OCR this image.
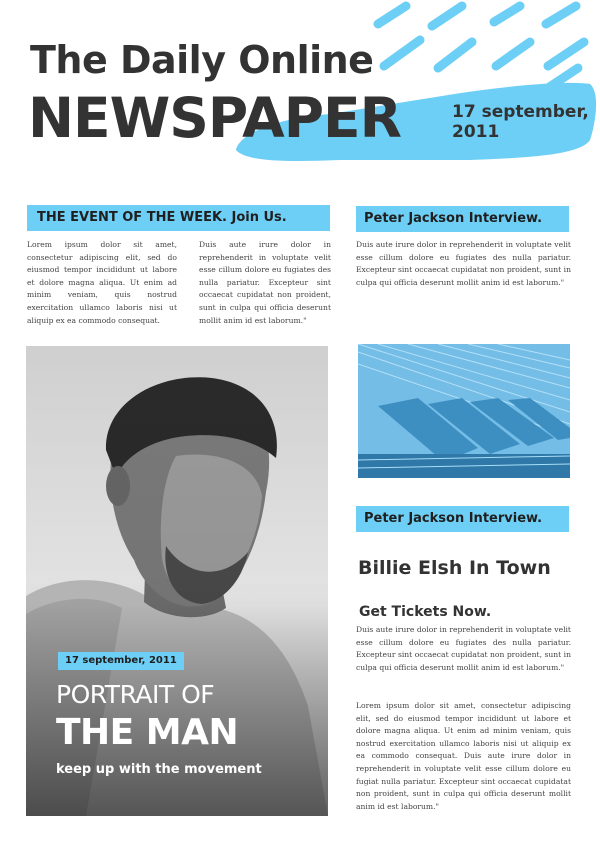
The Daily Online
NEWSPAPER	17 september,
2011
THE EVENT OF THE WEEK. Join Us.

Lorem ipsum dolor sit amet, consectetur adipiscing elit, sed do eiusmod tempor incididunt ut labore et dolore magna aliqua. Ut enim ad minim veniam, quis nostrud exercitation ullamco laboris nisi ut aliquip ex ea commodo consequat.

Duis aute irure dolor in reprehenderit in voluptate velit esse cillum dolore eu fugiates des nulla pariatur. Excepteur sint occaecat cupidatat non proident, sunt in culpa qui officia deserunt mollit anim id est laborum."

Peter Jackson Interview.

Duis aute irure dolor in reprehenderit in voluptate velit esse cillum dolore eu fugiates des nulla pariatur. Excepteur sint occaecat cupidatat non proident, sunt in culpa qui officia deserunt mollit anim id est laborum."

17 september, 2011
PORTRAIT OF
THE MAN
keep up with the movement
Peter Jackson Interview.
Billie Elsh In Town
Get Tickets Now.

Duis aute irure dolor in reprehenderit in voluptate velit esse cillum dolore eu fugiates des nulla pariatur. Excepteur sint occaecat cupidatat non proident, sunt in culpa qui officia deserunt mollit anim id est laborum."

Lorem ipsum dolor sit amet, consectetur adipiscing elit, sed do eiusmod tempor incididunt ut labore et dolore magna aliqua. Ut enim ad minim veniam, quis nostrud exercitation ullamco laboris nisi ut aliquip ex ea commodo consequat. Duis aute irure dolor in reprehenderit in voluptate velit esse cillum dolore eu fugiat nulla pariatur. Excepteur sint occaecat cupidatat non proident, sunt in culpa qui officia deserunt mollit anim id est laborum."
